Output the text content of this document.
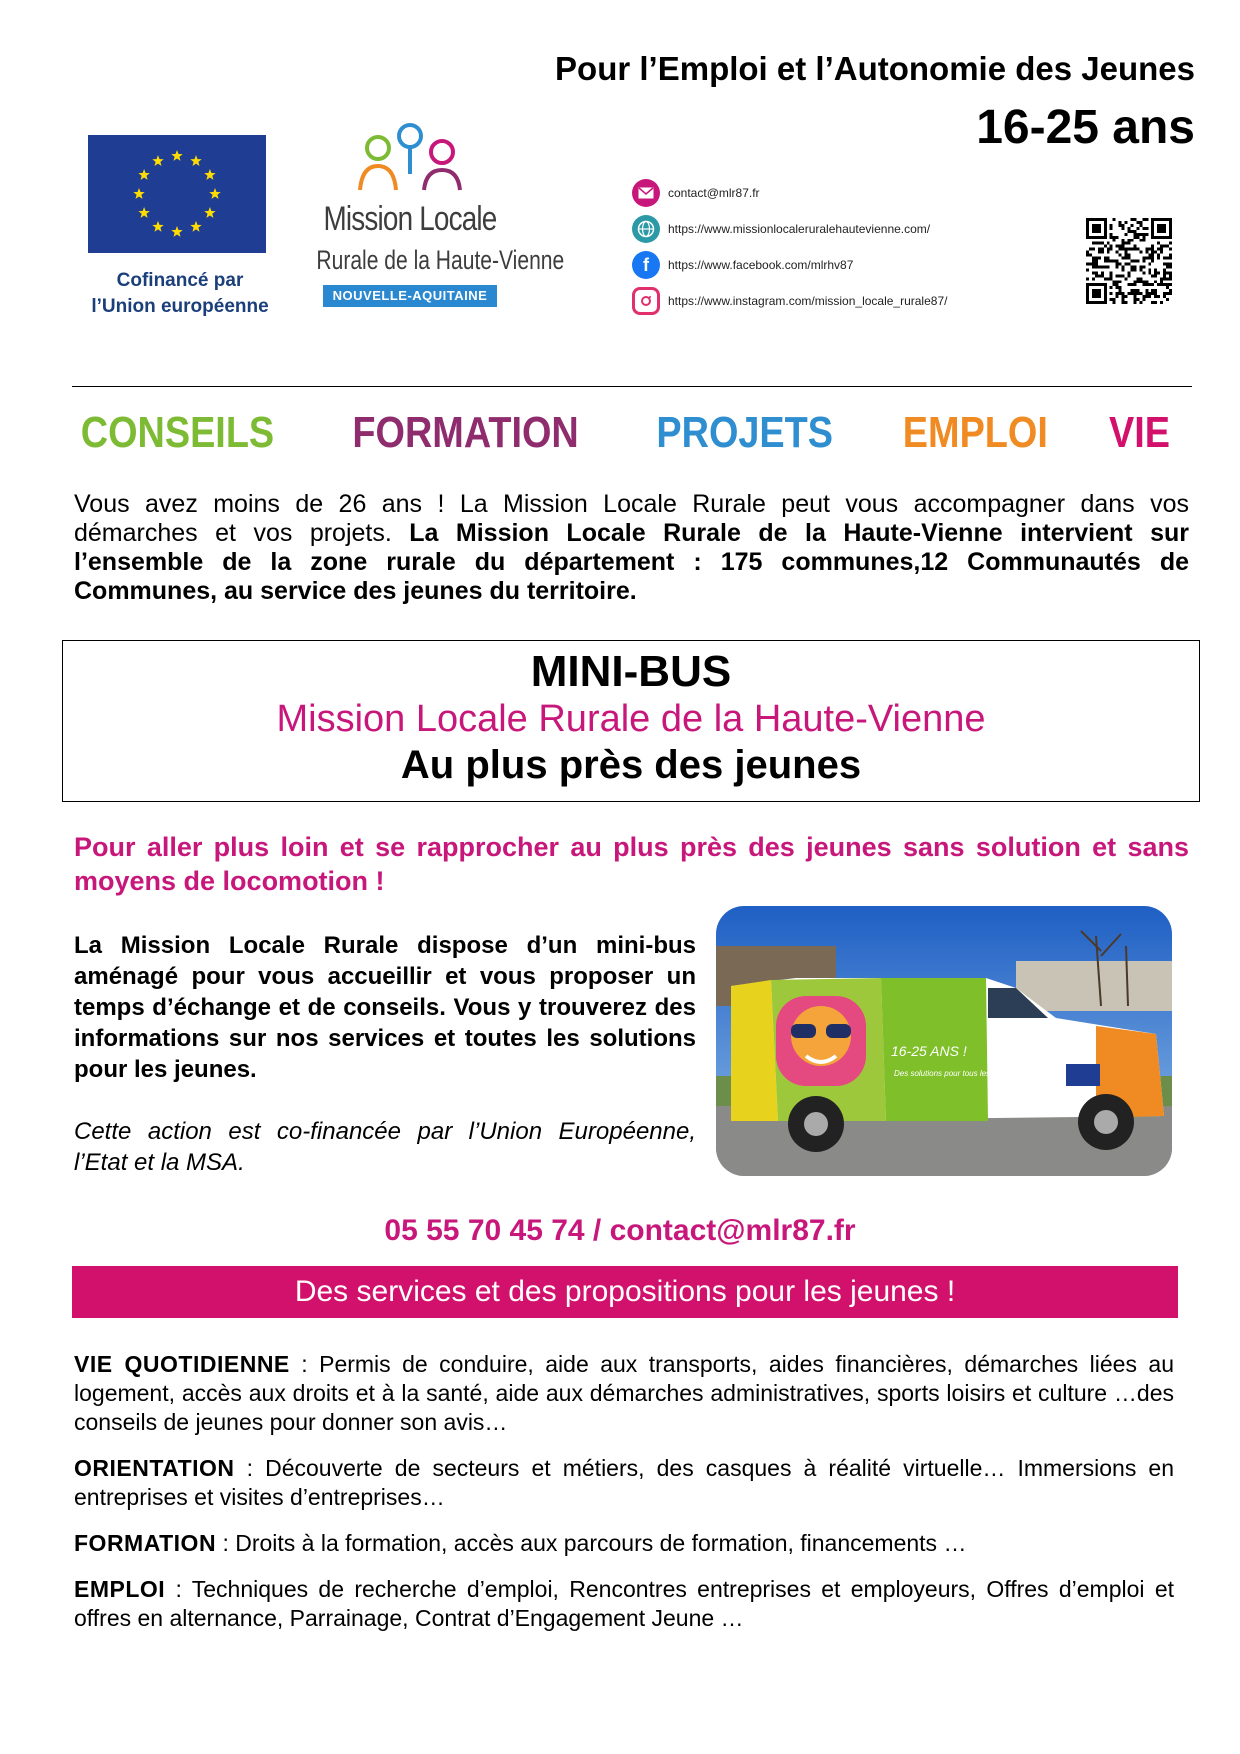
Pour l’Emploi et l’Autonomie des Jeunes
16-25 ans
Cofinancé par
l’Union européenne
Mission Locale
Rurale de la Haute-Vienne
NOUVELLE-AQUITAINE
contact@mlr87.fr
https://www.missionlocaleruralehautevienne.com/
f https://www.facebook.com/mlrhv87
https://www.instagram.com/mission_locale_rurale87/
CONSEILS FORMATION PROJETS EMPLOI VIE
Vous avez moins de 26 ans ! La Mission Locale Rurale peut vous accompagner dans vos démarches et vos projets. La Mission Locale Rurale de la Haute-Vienne intervient sur l’ensemble de la zone rurale du département : 175 communes,12 Communautés de Communes, au service des jeunes du territoire.
MINI-BUS
Mission Locale Rurale de la Haute-Vienne
Au plus près des jeunes
Pour aller plus loin et se rapprocher au plus près des jeunes sans solution et sans moyens de locomotion !
La Mission Locale Rurale dispose d’un mini-bus aménagé pour vous accueillir et vous proposer un temps d’échange et de conseils. Vous y trouverez des informations sur nos services et toutes les solutions pour les jeunes.
Cette action est co-financée par l’Union Européenne, l’Etat et la MSA.
16-25 ANS !
Des solutions pour tous les projets
05 55 70 45 74 / contact@mlr87.fr
Des services et des propositions pour les jeunes !
VIE QUOTIDIENNE : Permis de conduire, aide aux transports, aides financières, démarches liées au logement, accès aux droits et à la santé, aide aux démarches administratives, sports loisirs et culture …des conseils de jeunes pour donner son avis…
ORIENTATION : Découverte de secteurs et métiers, des casques à réalité virtuelle… Immersions en entreprises et visites d’entreprises…
FORMATION : Droits à la formation, accès aux parcours de formation, financements …
EMPLOI : Techniques de recherche d’emploi, Rencontres entreprises et employeurs, Offres d’emploi et offres en alternance, Parrainage, Contrat d’Engagement Jeune …
